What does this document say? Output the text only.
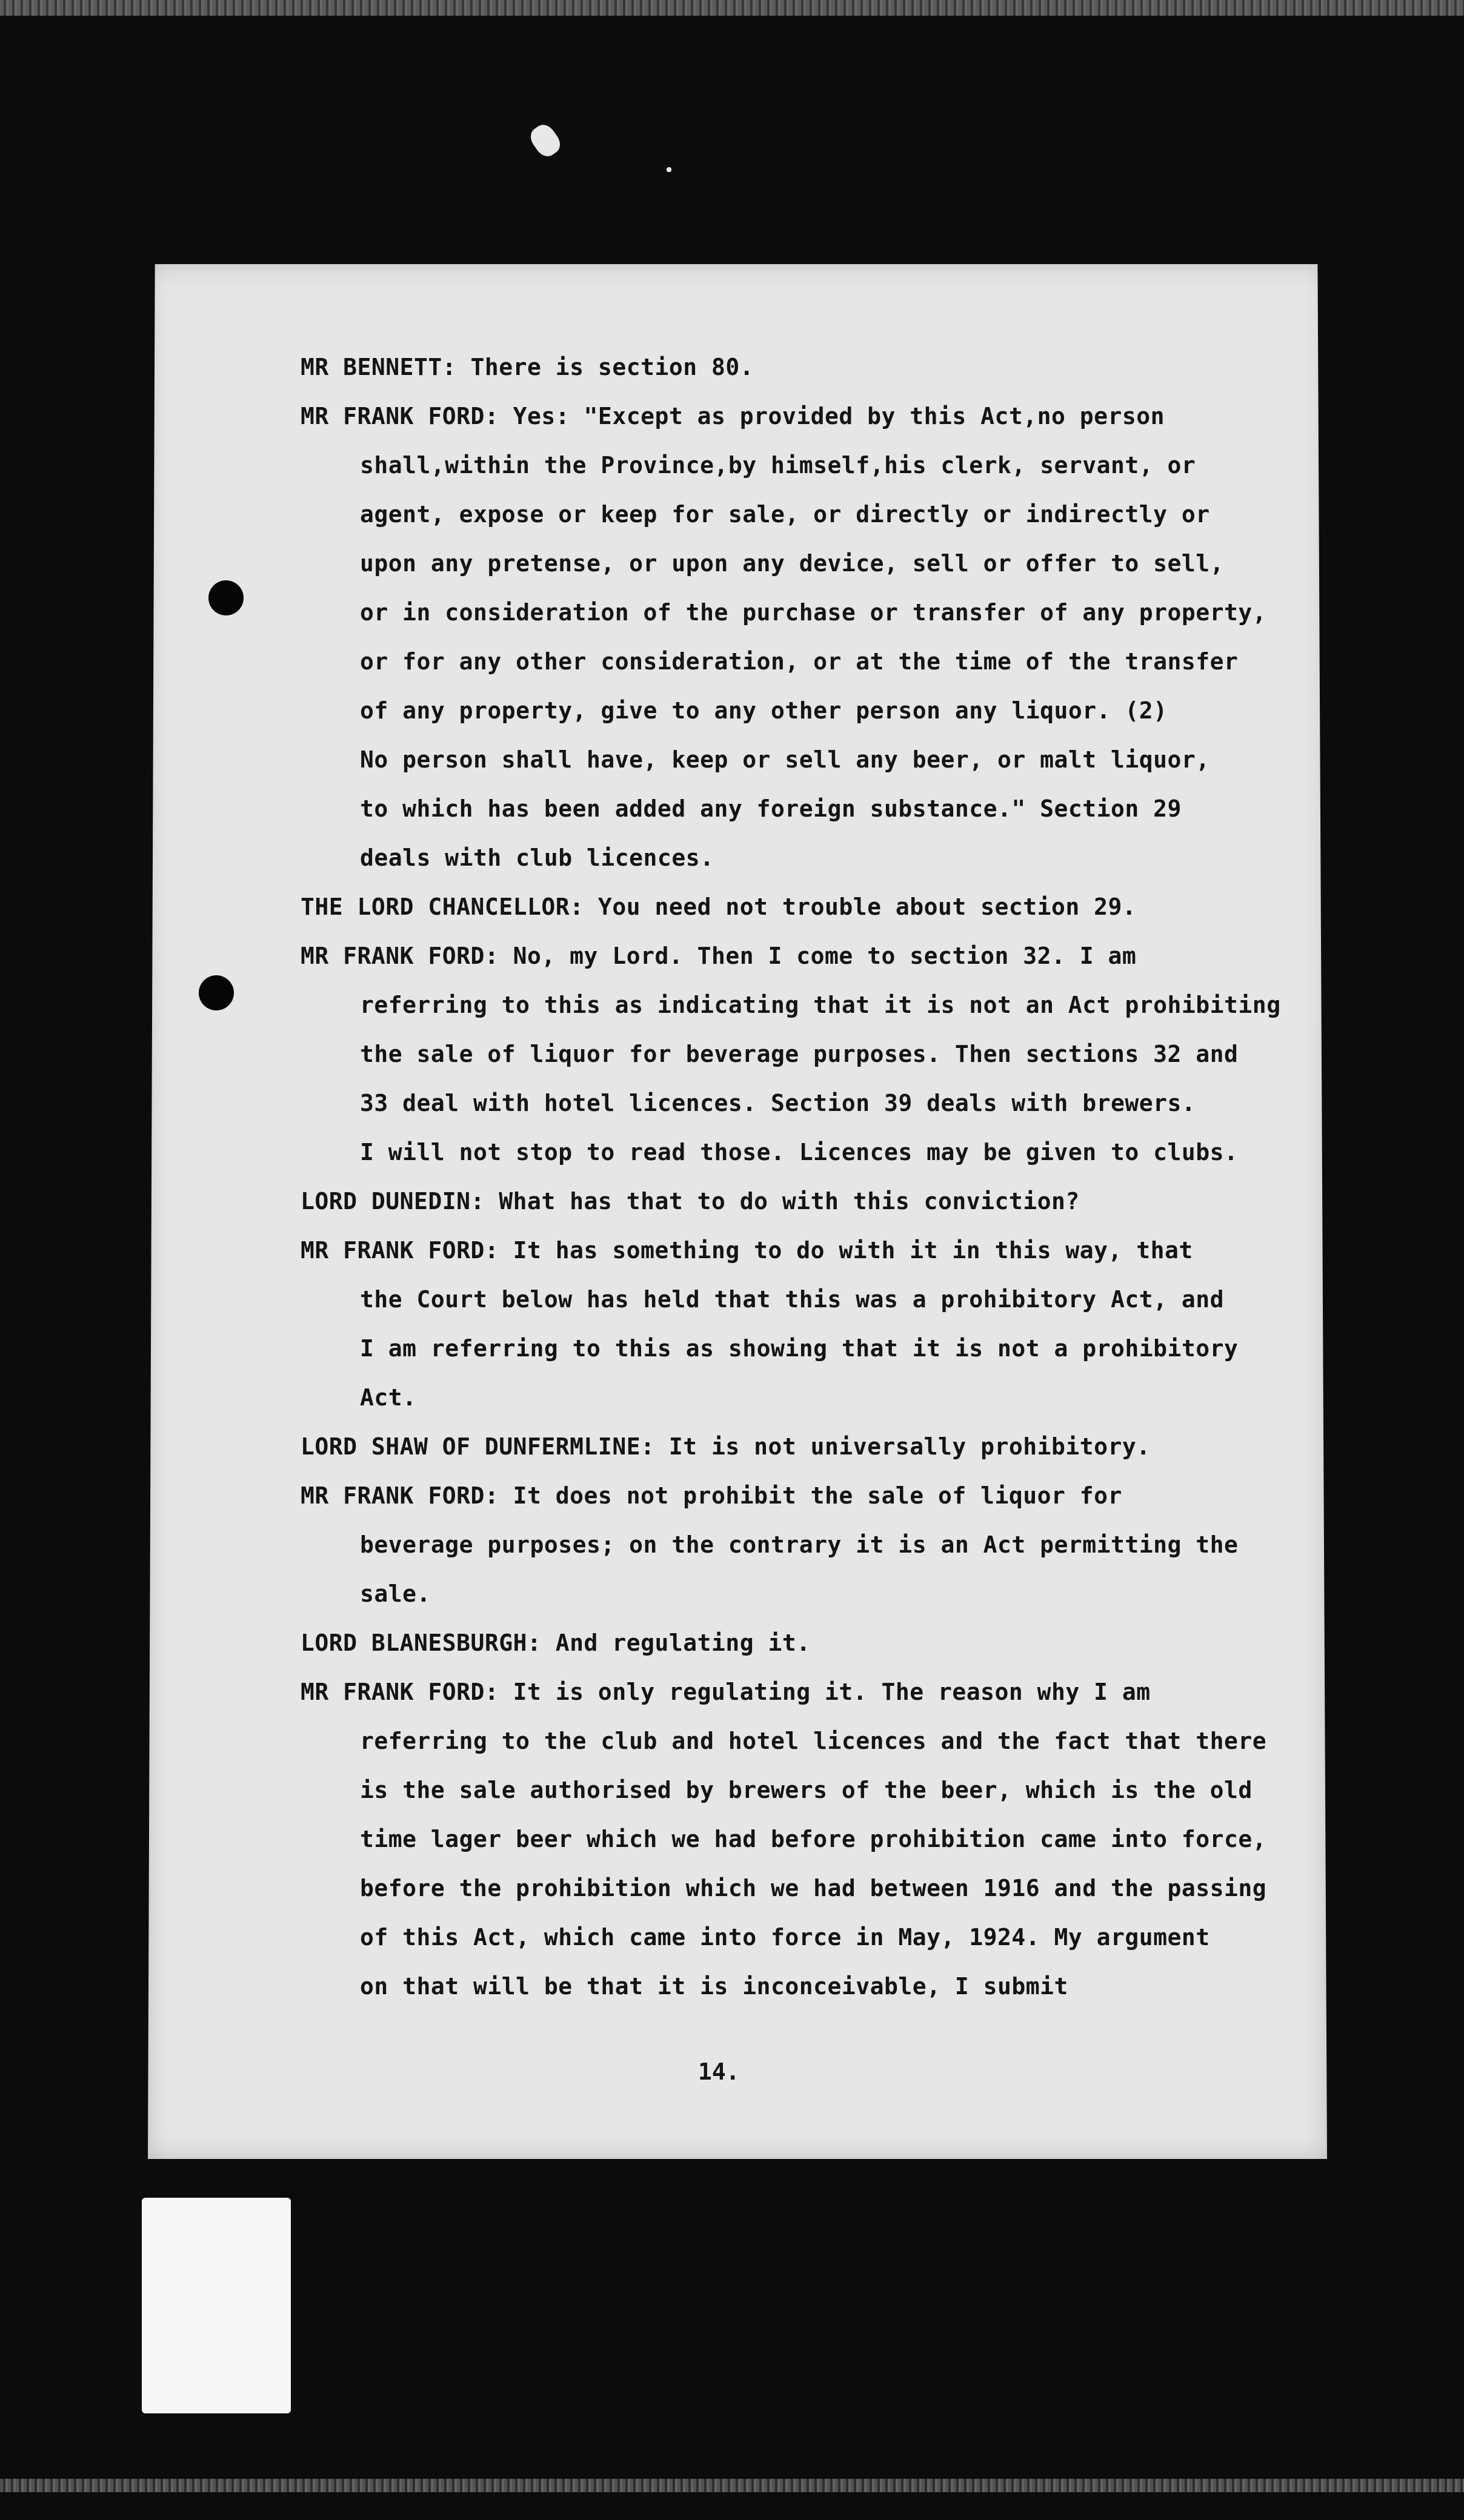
MR BENNETT: There is section 80.
MR FRANK FORD: Yes: "Except as provided by this Act,no person
shall,within the Province,by himself,his clerk, servant, or
agent, expose or keep for sale, or directly or indirectly or
upon any pretense, or upon any device, sell or offer to sell,
or in consideration of the purchase or transfer of any property,
or for any other consideration, or at the time of the transfer
of any property, give to any other person any liquor. (2)
No person shall have, keep or sell any beer, or malt liquor,
to which has been added any foreign substance." Section 29
deals with club licences.
THE LORD CHANCELLOR: You need not trouble about section 29.
MR FRANK FORD: No, my Lord. Then I come to section 32. I am
referring to this as indicating that it is not an Act prohibiting
the sale of liquor for beverage purposes. Then sections 32 and
33 deal with hotel licences. Section 39 deals with brewers.
I will not stop to read those. Licences may be given to clubs.
LORD DUNEDIN: What has that to do with this conviction?
MR FRANK FORD: It has something to do with it in this way, that
the Court below has held that this was a prohibitory Act, and
I am referring to this as showing that it is not a prohibitory
Act.
LORD SHAW OF DUNFERMLINE: It is not universally prohibitory.
MR FRANK FORD: It does not prohibit the sale of liquor for
beverage purposes; on the contrary it is an Act permitting the
sale.
LORD BLANESBURGH: And regulating it.
MR FRANK FORD: It is only regulating it. The reason why I am
referring to the club and hotel licences and the fact that there
is the sale authorised by brewers of the beer, which is the old
time lager beer which we had before prohibition came into force,
before the prohibition which we had between 1916 and the passing
of this Act, which came into force in May, 1924. My argument
on that will be that it is inconceivable, I submit
14.
